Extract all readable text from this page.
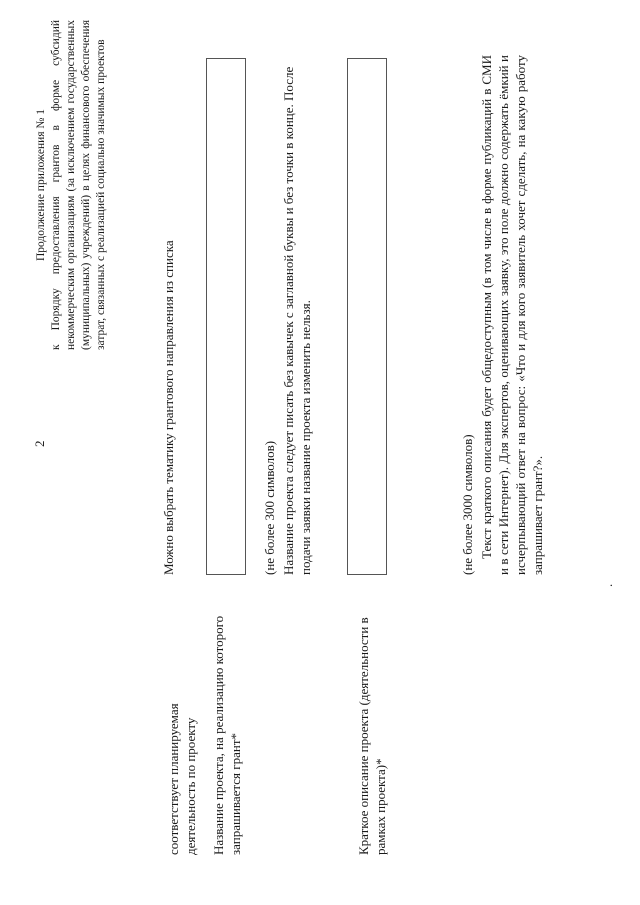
2
Продолжение приложения № 1 к Порядку предоставления грантов в форме субсидий некоммерческим организациям (за исключением государственных (муниципальных) учреждений) в целях финансового обеспечения затрат, связанных с реализацией социально значимых проектов
соответствует планируемая деятельность по проекту
Можно выбрать тематику грантового направления из списка
Название проекта, на реализацию которого запрашивается грант*
(не более 300 символов) Название проекта следует писать без кавычек с заглавной буквы и без точки в конце. После подачи заявки название проекта изменить нельзя.
Краткое описание проекта (деятельности в рамках проекта)*
(не более 3000 символов) Текст краткого описания будет общедоступным (в том числе в форме публикаций в СМИ и в сети Интернет). Для экспертов, оценивающих заявку, это поле должно содержать ёмкий и исчерпывающий ответ на вопрос: «Что и для кого заявитель хочет сделать, на какую работу запрашивает грант?».
.
